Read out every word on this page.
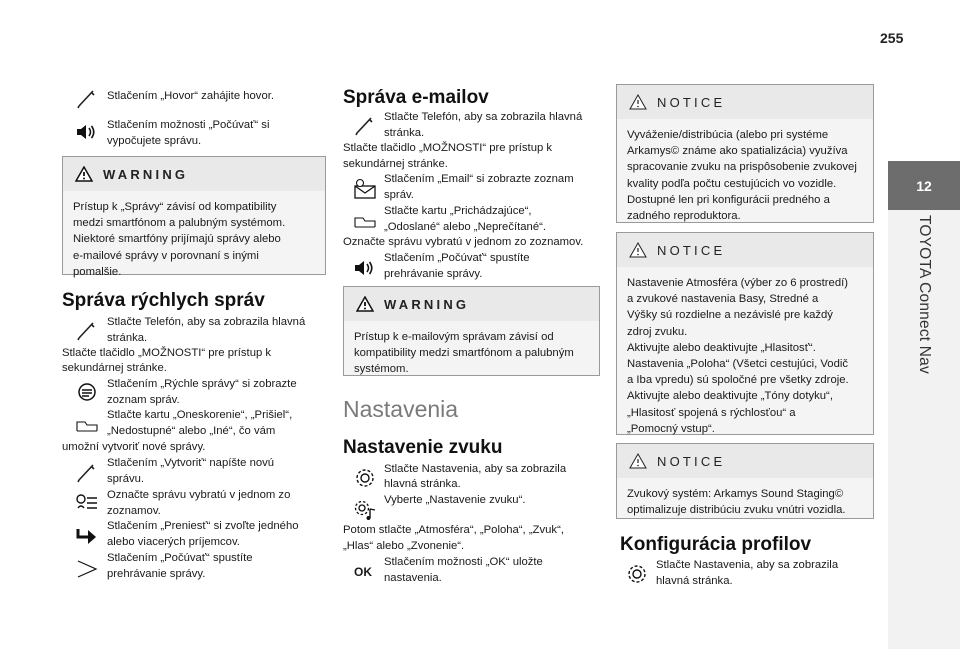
255
12
TOYOTA Connect Nav
Stlačením „Hovor“ zahájite hovor.
Stlačením možnosti „Počúvať“ si
vypočujete správu.
WARNING
Prístup k „Správy“ závisí od kompatibility
medzi smartfónom a palubným systémom.
Niektoré smartfóny prijímajú správy alebo
e-mailové správy v porovnaní s inými
pomalšie.
Správa rýchlych správ
Stlačte Telefón, aby sa zobrazila hlavná
stránka.
Stlačte tlačidlo „MOŽNOSTI“ pre prístup k
sekundárnej stránke.
Stlačením „Rýchle správy“ si zobrazte
zoznam správ.
Stlačte kartu „Oneskorenie“, „Prišiel“,
„Nedostupné“ alebo „Iné“, čo vám
umožní vytvoriť nové správy.
Stlačením „Vytvoriť“ napíšte novú
správu.
Označte správu vybratú v jednom zo
zoznamov.
Stlačením „Preniesť“ si zvoľte jedného
alebo viacerých príjemcov.
Stlačením „Počúvať“ spustíte
prehrávanie správy.
Správa e-mailov
Stlačte Telefón, aby sa zobrazila hlavná
stránka.
Stlačte tlačidlo „MOŽNOSTI“ pre prístup k
sekundárnej stránke.
Stlačením „Email“ si zobrazte zoznam
správ.
Stlačte kartu „Prichádzajúce“,
„Odoslané“ alebo „Neprečítané“.
Označte správu vybratú v jednom zo zoznamov.
Stlačením „Počúvať“ spustíte
prehrávanie správy.
WARNING
Prístup k e-mailovým správam závisí od
kompatibility medzi smartfónom a palubným
systémom.
Nastavenia
Nastavenie zvuku
Stlačte Nastavenia, aby sa zobrazila
hlavná stránka.
Vyberte „Nastavenie zvuku“.
Potom stlačte „Atmosféra“, „Poloha“, „Zvuk“,
„Hlas“ alebo „Zvonenie“.
OK
Stlačením možnosti „OK“ uložte
nastavenia.
NOTICE
Vyváženie/distribúcia (alebo pri systéme
Arkamys© známe ako spatializácia) využíva
spracovanie zvuku na prispôsobenie zvukovej
kvality podľa počtu cestujúcich vo vozidle.
Dostupné len pri konfigurácii predného a
zadného reproduktora.
NOTICE
Nastavenie Atmosféra (výber zo 6 prostredí)
a zvukové nastavenia Basy, Stredné a
Výšky sú rozdielne a nezávislé pre každý
zdroj zvuku.
Aktivujte alebo deaktivujte „Hlasitosť“.
Nastavenia „Poloha“ (Všetci cestujúci, Vodič
a Iba vpredu) sú spoločné pre všetky zdroje.
Aktivujte alebo deaktivujte „Tóny dotyku“,
„Hlasitosť spojená s rýchlosťou“ a
„Pomocný vstup“.
NOTICE
Zvukový systém: Arkamys Sound Staging©
optimalizuje distribúciu zvuku vnútri vozidla.
Konfigurácia profilov
Stlačte Nastavenia, aby sa zobrazila
hlavná stránka.
